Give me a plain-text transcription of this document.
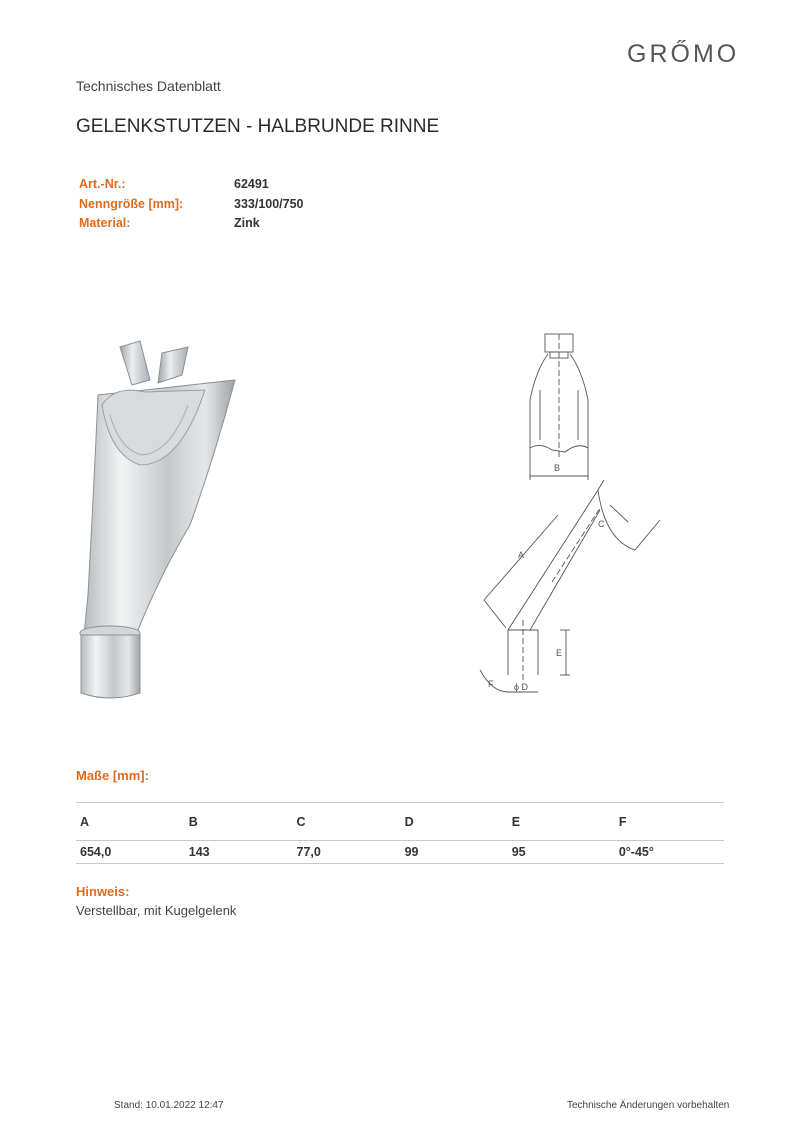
GRŐMO
Technisches Datenblatt
GELENKSTUTZEN - HALBRUNDE RINNE
Art.-Nr.:	62491
Nenngröße [mm]:	333/100/750
Material:	Zink
B
A
E
ϕ D
F
C
Maße [mm]:
A	B	C	D	E	F
654,0	143	77,0	99	95	0°-45°
Hinweis:
Verstellbar, mit Kugelgelenk
Stand: 10.01.2022 12:47	Technische Änderungen vorbehalten
